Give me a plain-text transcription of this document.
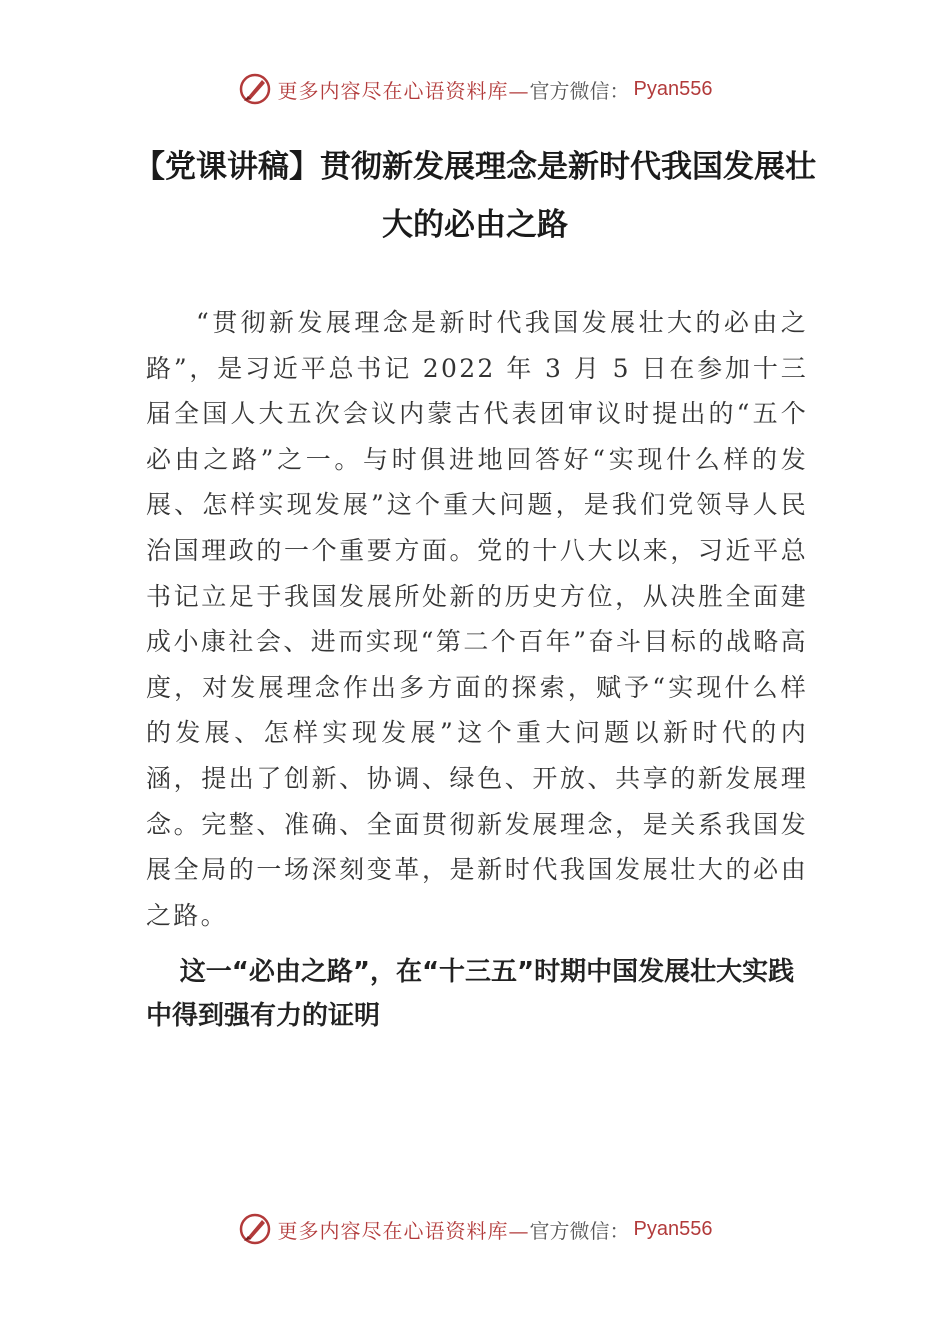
更多内容尽在心语资料库— 官方微信： Pyan556
【党课讲稿】贯彻新发展理念是新时代我国发展壮大的必由之路
“贯彻新发展理念是新时代我国发展壮大的必由之路”，是习近平总书记 2022 年 3 月 5 日在参加十三届全国人大五次会议内蒙古代表团审议时提出的“五个必由之路”之一。与时俱进地回答好“实现什么样的发展、怎样实现发展”这个重大问题，是我们党领导人民治国理政的一个重要方面。党的十八大以来，习近平总书记立足于我国发展所处新的历史方位，从决胜全面建成小康社会、进而实现“第二个百年”奋斗目标的战略高度，对发展理念作出多方面的探索，赋予“实现什么样的发展、怎样实现发展”这个重大问题以新时代的内涵，提出了创新、协调、绿色、开放、共享的新发展理念。完整、准确、全面贯彻新发展理念，是关系我国发展全局的一场深刻变革，是新时代我国发展壮大的必由之路。
这一“必由之路”，在“十三五”时期中国发展壮大实践中得到强有力的证明
更多内容尽在心语资料库— 官方微信： Pyan556
